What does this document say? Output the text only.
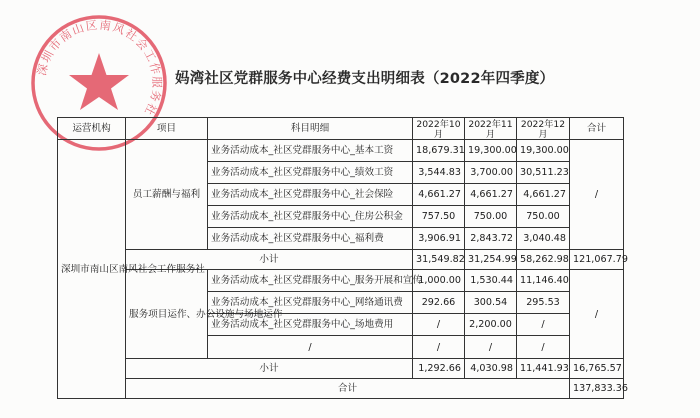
深圳市南山区南风社会工作服务社
妈湾社区党群服务中心经费支出明细表（2022年四季度）
运营机构	项目	科目明细	2022年10月	2022年11月	2022年12月	合计
深圳市南山区南风社会工作服务社	员工薪酬与福利	业务活动成本_社区党群服务中心_基本工资	18,679.31	19,300.00	19,300.00	/
		业务活动成本_社区党群服务中心_绩效工资	3,544.83	3,700.00	30,511.23	
		业务活动成本_社区党群服务中心_社会保险	4,661.27	4,661.27	4,661.27	
		业务活动成本_社区党群服务中心_住房公积金	757.50	750.00	750.00	
		业务活动成本_社区党群服务中心_福利费	3,906.91	2,843.72	3,040.48	
	小计		31,549.82	31,254.99	58,262.98	121,067.79
	服务项目运作、办公设施与场地运作	业务活动成本_社区党群服务中心_服务开展和宣传	1,000.00	1,530.44	11,146.40	/
		业务活动成本_社区党群服务中心_网络通讯费	292.66	300.54	295.53	
		业务活动成本_社区党群服务中心_场地费用	/	2,200.00	/	
		/	/	/	/	
	小计		1,292.66	4,030.98	11,441.93	16,765.57
	合计					137,833.36
